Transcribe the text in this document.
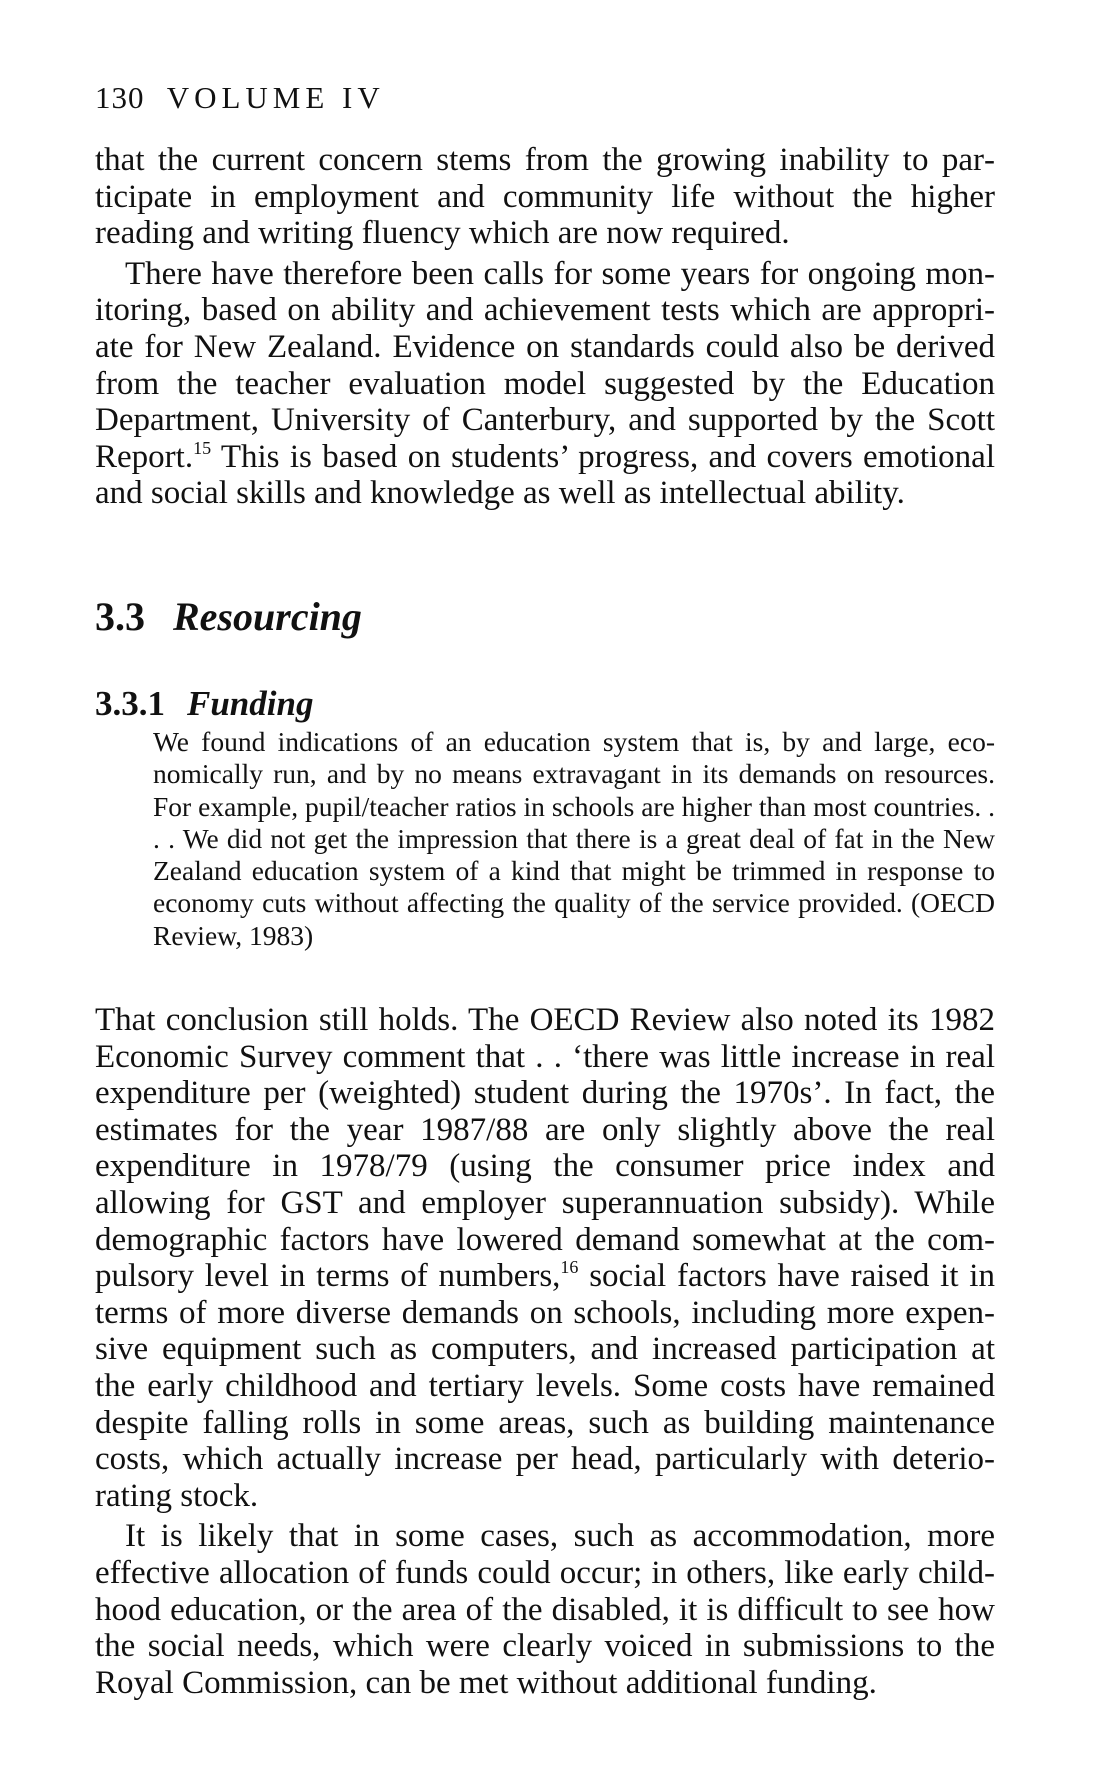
130 VOLUME IV

that the current concern stems from the growing inability to participate in employment and community life without the higher reading and writing fluency which are now required.

There have therefore been calls for some years for ongoing monitoring, based on ability and achievement tests which are appropriate for New Zealand. Evidence on standards could also be derived from the teacher evaluation model suggested by the Education Department, University of Canterbury, and supported by the Scott Report.$^{15}$ This is based on students’ progress, and covers emotional and social skills and knowledge as well as intellectual ability.

3.3 Resourcing
3.3.1 Funding
We found indications of an education system that is, by and large, economically run, and by no means extravagant in its demands on resources. For example, pupil/teacher ratios in schools are higher than most countries. . . . We did not get the impression that there is a great deal of fat in the New Zealand education system of a kind that might be trimmed in response to economy cuts without affecting the quality of the service provided. (OECD Review, 1983)

That conclusion still holds. The OECD Review also noted its 1982 Economic Survey comment that . . ‘there was little increase in real expenditure per (weighted) student during the 1970s’. In fact, the estimates for the year 1987/88 are only slightly above the real expenditure in 1978/79 (using the consumer price index and allowing for GST and employer superannuation subsidy). While demographic factors have lowered demand somewhat at the compulsory level in terms of numbers,$^{16}$ social factors have raised it in terms of more diverse demands on schools, including more expensive equipment such as computers, and increased participation at the early childhood and tertiary levels. Some costs have remained despite falling rolls in some areas, such as building maintenance costs, which actually increase per head, particularly with deteriorating stock.

It is likely that in some cases, such as accommodation, more effective allocation of funds could occur; in others, like early childhood education, or the area of the disabled, it is difficult to see how the social needs, which were clearly voiced in submissions to the Royal Commission, can be met without additional funding.
